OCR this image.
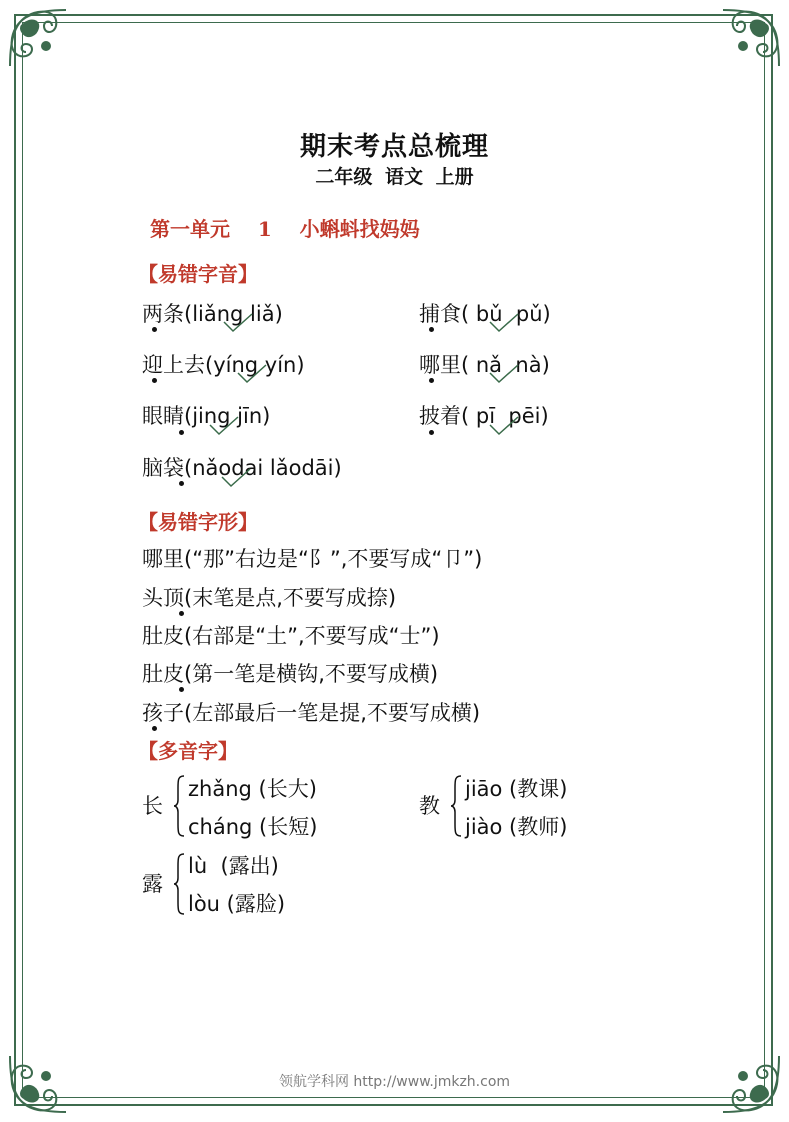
期末考点总梳理
二年级 语文 上册
第一单元    1    小蝌蚪找妈妈
【易错字音】
两条(liǎng liǎ)	捕食( bǔ  pǔ)
迎上去(yíng yín)	哪里( nǎ  nà)
眼睛(jing jīn)	披着( pī  pēi)
脑袋(nǎodai lǎodāi)
【易错字形】
哪里(“那”右边是“阝”,不要写成“卩”)
头顶(末笔是点,不要写成捺)
肚皮(右部是“土”,不要写成“士”)
肚皮(第一笔是横钩,不要写成横)
孩子(左部最后一笔是提,不要写成横)
【多音字】
长
zhǎng (长大)
cháng (长短)
教
jiāo (教课)
jiào (教师)
露
lù  (露出)
lòu (露脸)
领航学科网 http://www.jmkzh.com
